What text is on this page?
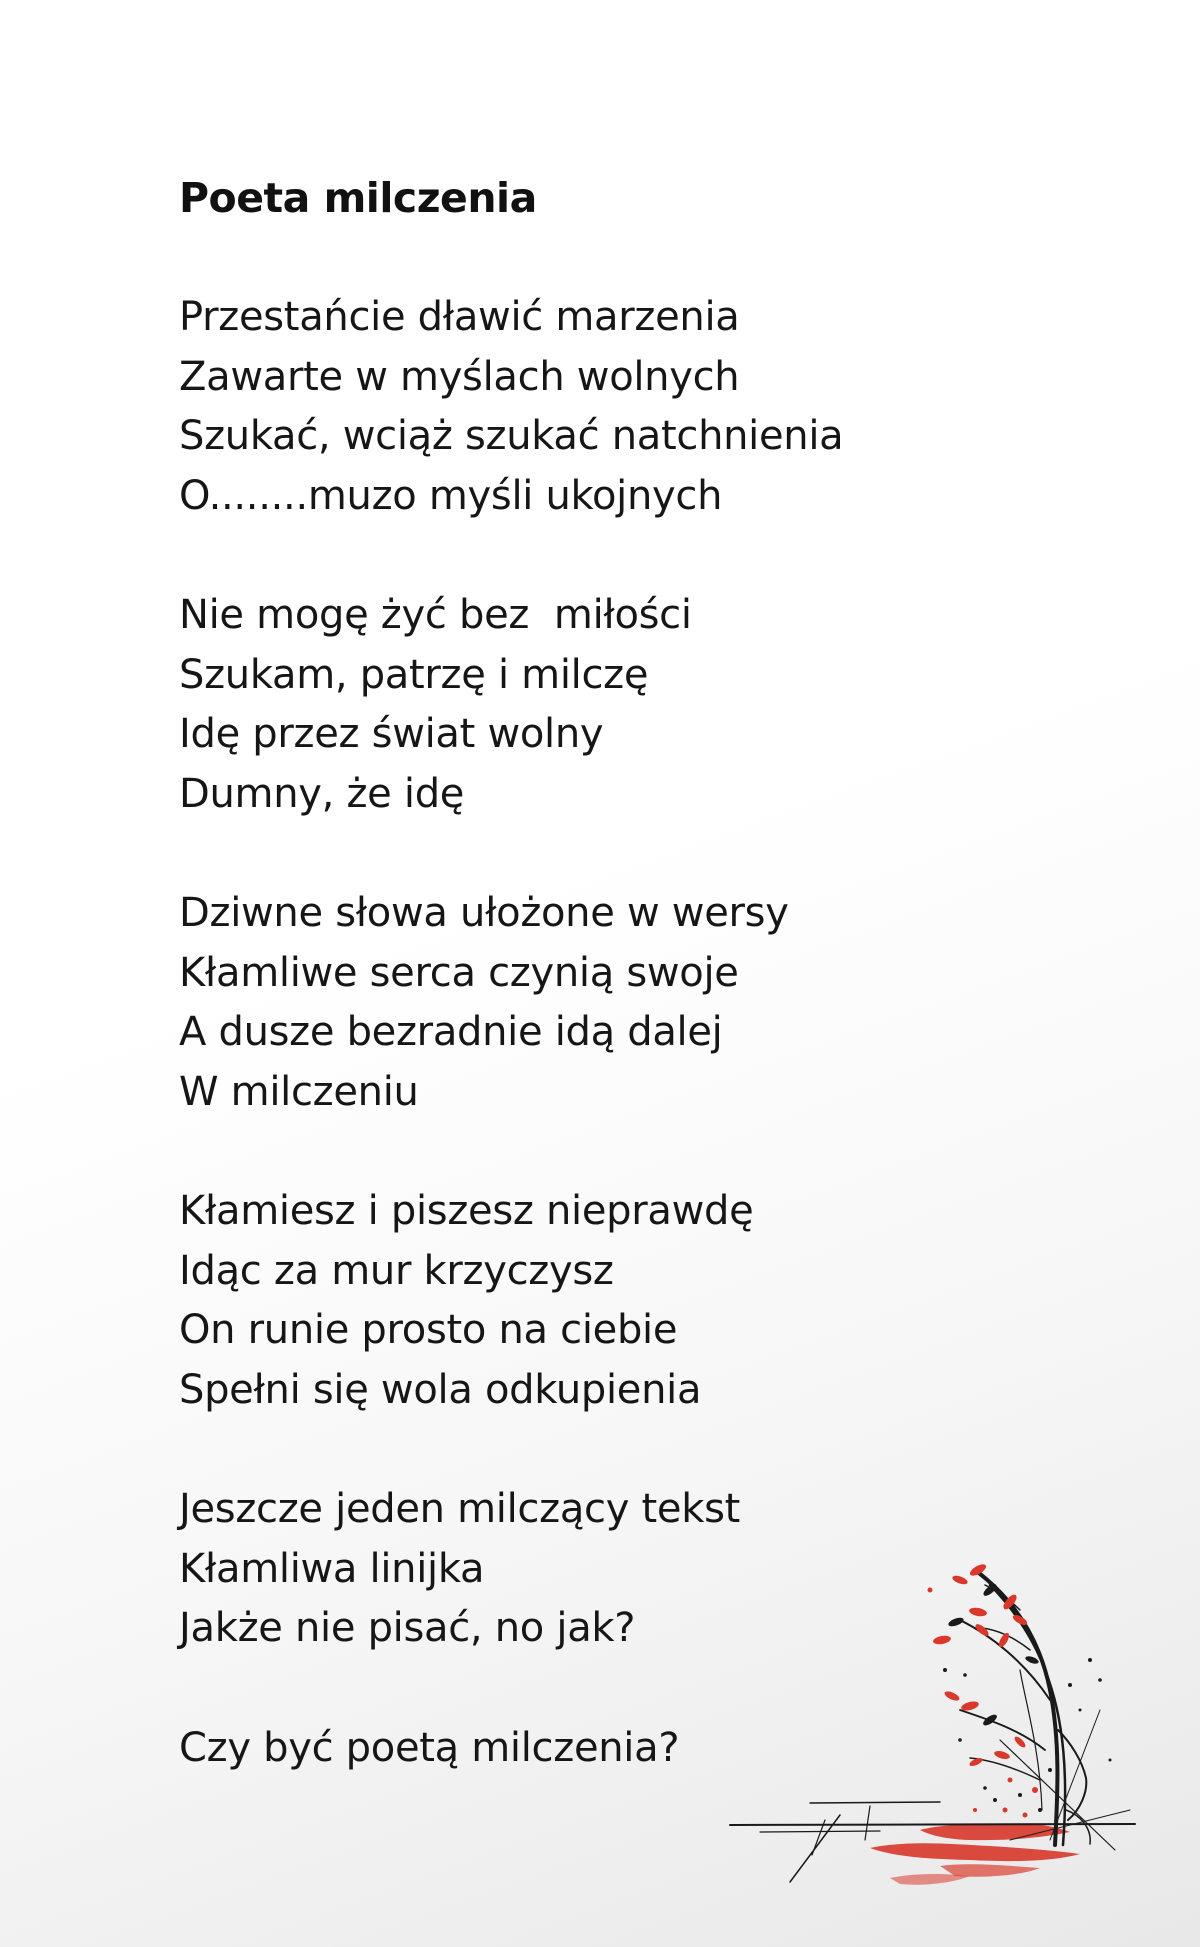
Poeta milczenia
Przestańcie dławić marzenia
Zawarte w myślach wolnych
Szukać, wciąż szukać natchnienia
O........muzo myśli ukojnych
Nie mogę żyć bez  miłości
Szukam, patrzę i milczę
Idę przez świat wolny
Dumny, że idę
Dziwne słowa ułożone w wersy
Kłamliwe serca czynią swoje
A dusze bezradnie idą dalej
W milczeniu
Kłamiesz i piszesz nieprawdę
Idąc za mur krzyczysz
On runie prosto na ciebie
Spełni się wola odkupienia
Jeszcze jeden milczący tekst
Kłamliwa linijka
Jakże nie pisać, no jak?
Czy być poetą milczenia?
